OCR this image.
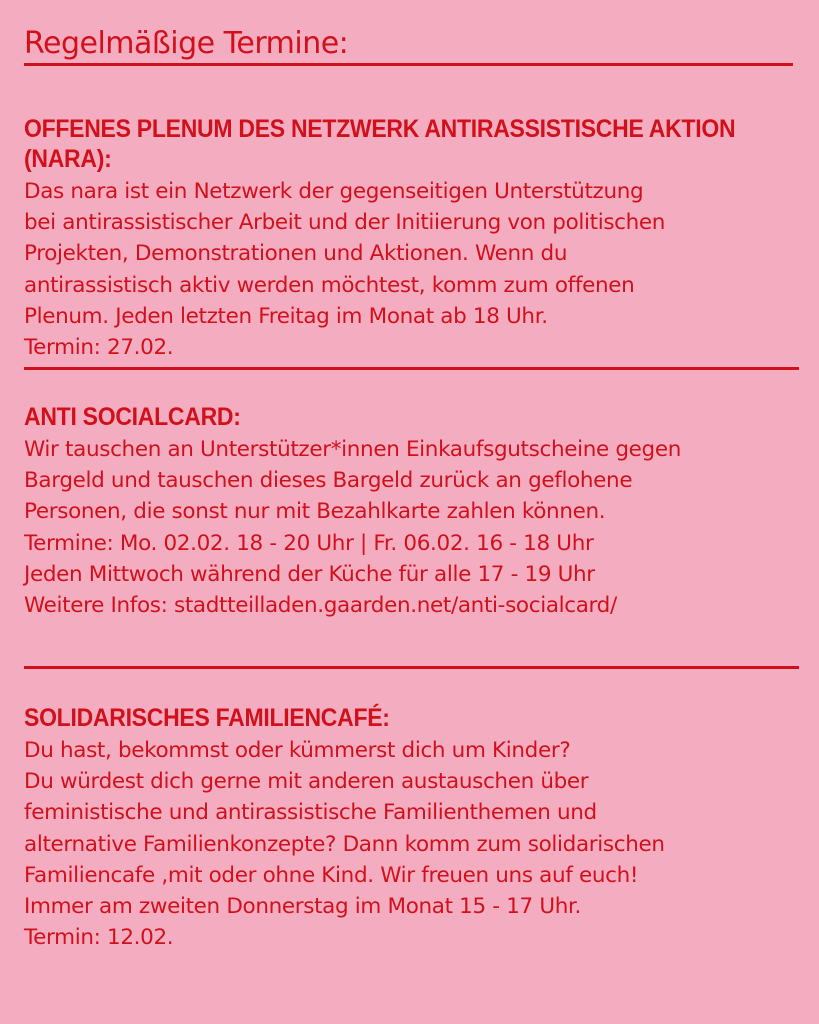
Regelmäßige Termine:
OFFENES PLENUM DES NETZWERK ANTIRASSISTISCHE AKTION
(NARA):
Das nara ist ein Netzwerk der gegenseitigen Unterstützung
bei antirassistischer Arbeit und der Initiierung von politischen
Projekten, Demonstrationen und Aktionen. Wenn du
antirassistisch aktiv werden möchtest, komm zum offenen
Plenum. Jeden letzten Freitag im Monat ab 18 Uhr.
Termin: 27.02.
ANTI SOCIALCARD:
Wir tauschen an Unterstützer*innen Einkaufsgutscheine gegen
Bargeld und tauschen dieses Bargeld zurück an geflohene
Personen, die sonst nur mit Bezahlkarte zahlen können.
Termine: Mo. 02.02. 18 - 20 Uhr | Fr. 06.02. 16 - 18 Uhr
Jeden Mittwoch während der Küche für alle 17 - 19 Uhr
Weitere Infos: stadtteilladen.gaarden.net/anti-socialcard/
SOLIDARISCHES FAMILIENCAFÉ:
Du hast, bekommst oder kümmerst dich um Kinder?
Du würdest dich gerne mit anderen austauschen über
feministische und antirassistische Familienthemen und
alternative Familienkonzepte? Dann komm zum solidarischen
Familiencafe ,mit oder ohne Kind. Wir freuen uns auf euch!
Immer am zweiten Donnerstag im Monat 15 - 17 Uhr.
Termin: 12.02.
